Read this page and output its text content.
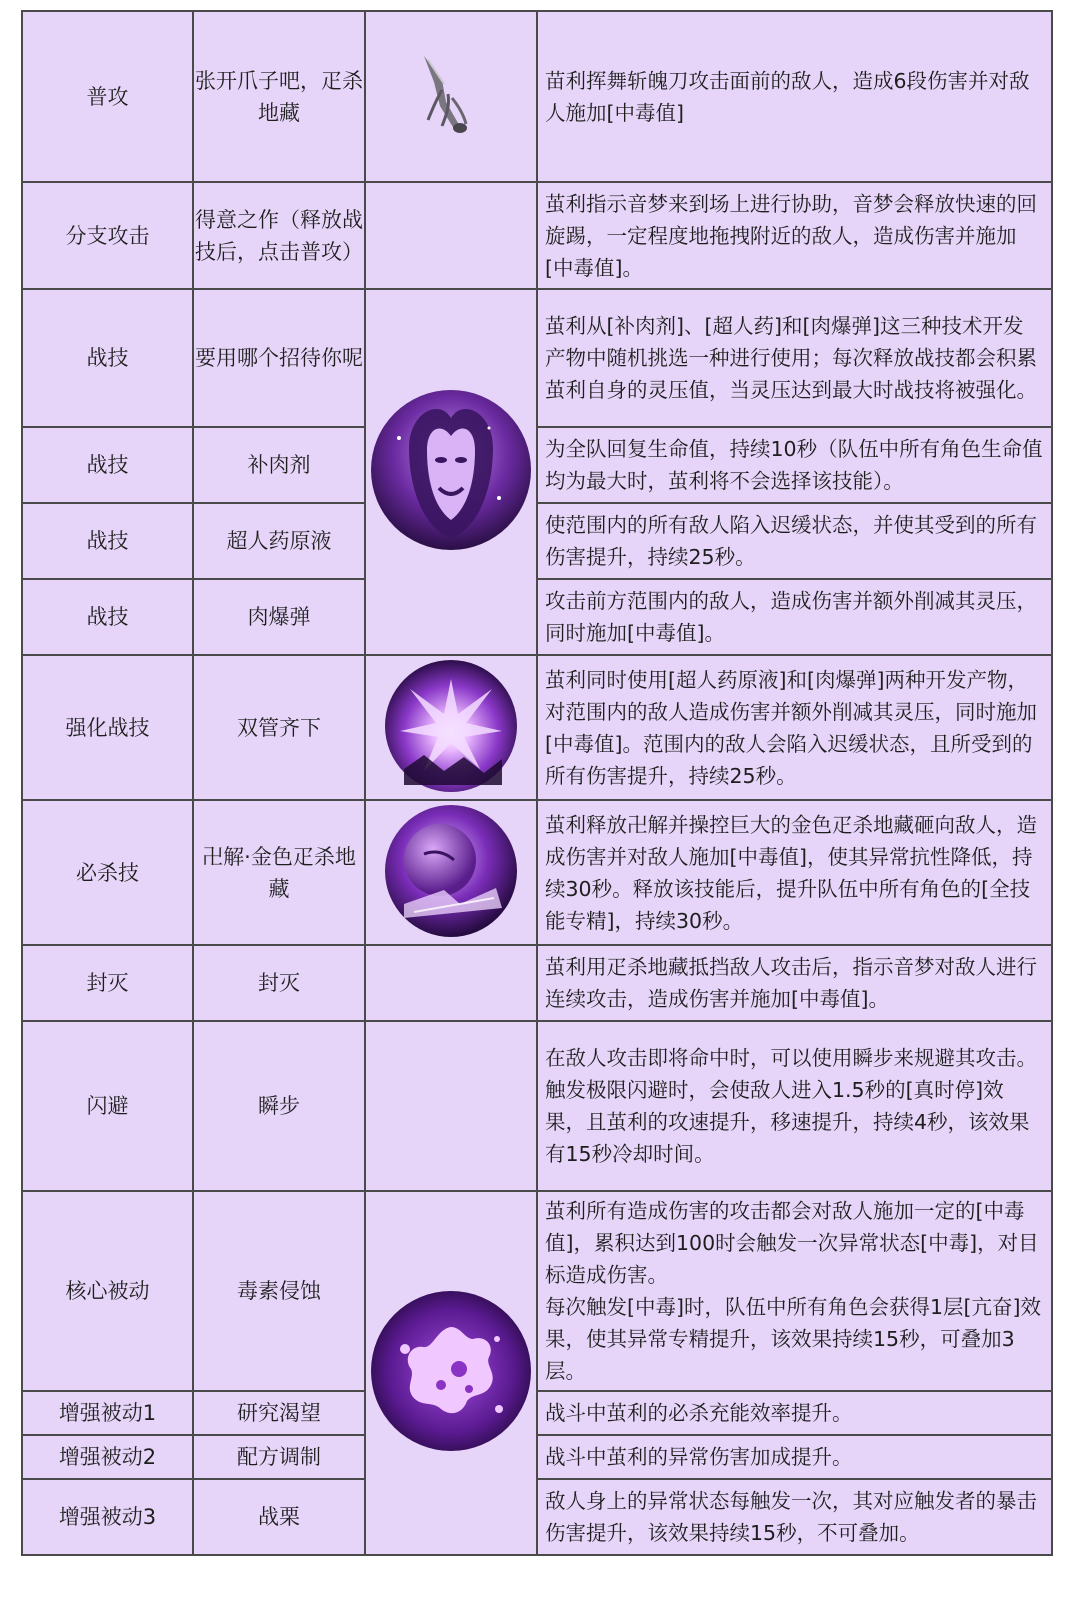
普攻	张开爪子吧，疋杀地藏		苗利挥舞斩魄刀攻击面前的敌人，造成6段伤害并对敌人施加[中毒值]

分支攻击	得意之作（释放战技后，点击普攻）		茧利指示音梦来到场上进行协助，音梦会释放快速的回旋踢，一定程度地拖拽附近的敌人，造成伤害并施加[中毒值]。

战技	要用哪个招待你呢		茧利从[补肉剂]、[超人药]和[肉爆弹]这三种技术开发产物中随机挑选一种进行使用；每次释放战技都会积累茧利自身的灵压值，当灵压达到最大时战技将被强化。

战技	补肉剂		为全队回复生命值，持续10秒（队伍中所有角色生命值均为最大时，茧利将不会选择该技能）。

战技	超人药原液		使范围内的所有敌人陷入迟缓状态，并使其受到的所有伤害提升，持续25秒。

战技	肉爆弹		攻击前方范围内的敌人，造成伤害并额外削减其灵压，同时施加[中毒值]。

强化战技	双管齐下		茧利同时使用[超人药原液]和[肉爆弹]两种开发产物，对范围内的敌人造成伤害并额外削减其灵压，同时施加[中毒值]。范围内的敌人会陷入迟缓状态，且所受到的所有伤害提升，持续25秒。

必杀技	卍解·金色疋杀地藏		茧利释放卍解并操控巨大的金色疋杀地藏砸向敌人，造成伤害并对敌人施加[中毒值]，使其异常抗性降低，持续30秒。释放该技能后，提升队伍中所有角色的[全技能专精]，持续30秒。

封灭	封灭		茧利用疋杀地藏抵挡敌人攻击后，指示音梦对敌人进行连续攻击，造成伤害并施加[中毒值]。

闪避	瞬步		在敌人攻击即将命中时，可以使用瞬步来规避其攻击。
触发极限闪避时，会使敌人进入1.5秒的[真时停]效果，且茧利的攻速提升，移速提升，持续4秒，该效果有15秒冷却时间。

核心被动	毒素侵蚀		茧利所有造成伤害的攻击都会对敌人施加一定的[中毒值]，累积达到100时会触发一次异常状态[中毒]，对目标造成伤害。
每次触发[中毒]时，队伍中所有角色会获得1层[亢奋]效果，使其异常专精提升，该效果持续15秒，可叠加3层。

增强被动1	研究渴望		战斗中茧利的必杀充能效率提升。

增强被动2	配方调制		战斗中茧利的异常伤害加成提升。

增强被动3	战栗		敌人身上的异常状态每触发一次，其对应触发者的暴击伤害提升，该效果持续15秒，不可叠加。
